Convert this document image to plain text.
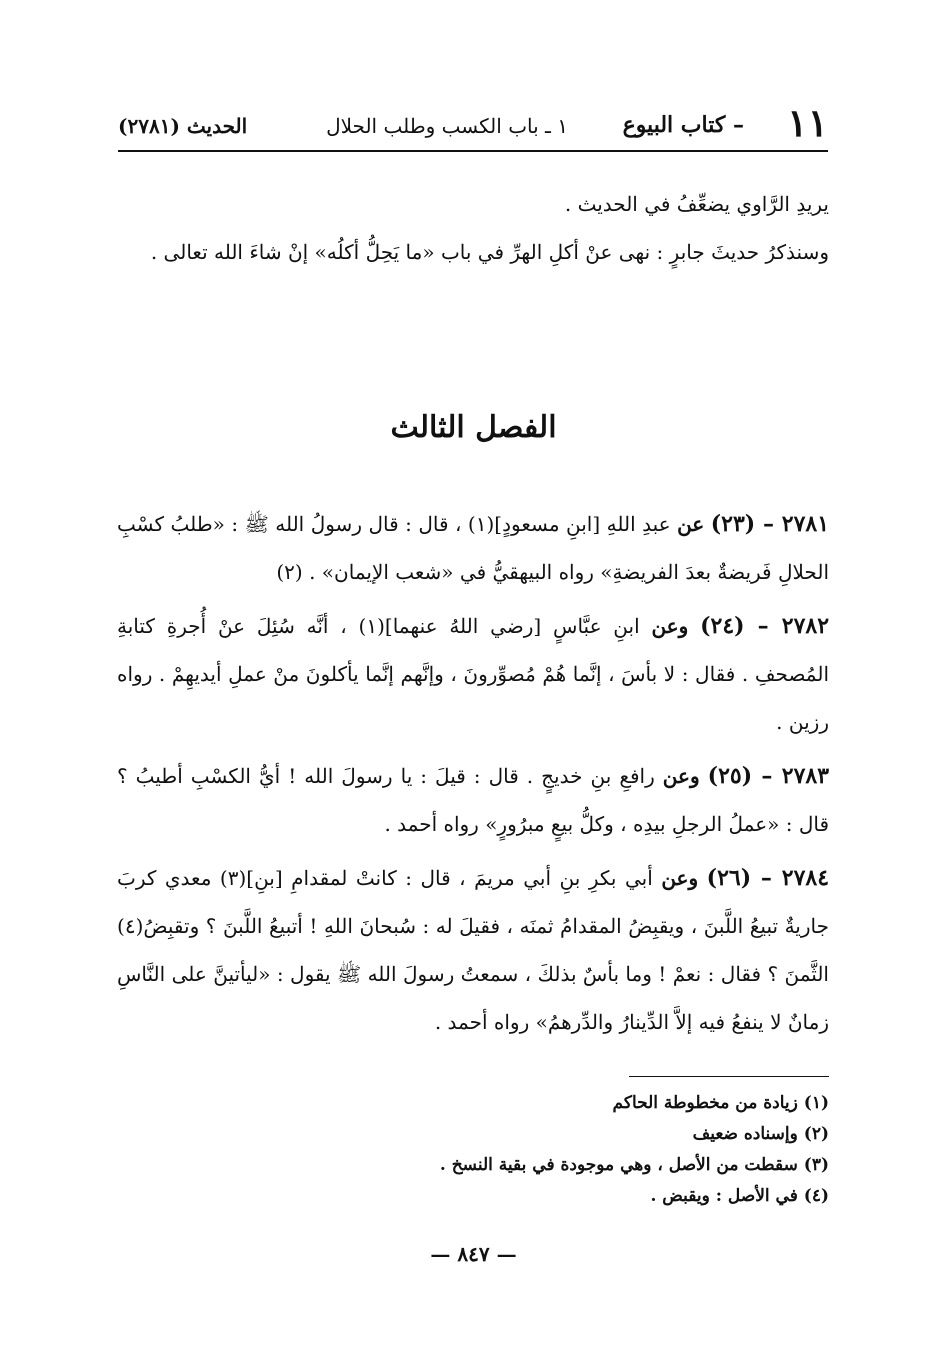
١١
– كتاب البيوع
١ ـ باب الكسب وطلب الحلال
الحديث (٢٧٨١)

يريدِ الرَّاوي يضعِّفُ في الحديث .

وسنذكرُ حديثَ جابرٍ : نهى عنْ أكلِ الهرِّ في باب «ما يَحِلُّ أكلُه» إنْ شاءَ الله تعالى .

الفصل الثالث

٢٧٨١ – (٢٣) عن عبدِ اللهِ [ابنِ مسعودٍ](١) ، قال : قال رسولُ الله ﷺ : «طلبُ كسْبِ الحلالِ فَريضةٌ بعدَ الفريضةِ» رواه البيهقيُّ في «شعب الإيمان» . (٢)

٢٧٨٢ – (٢٤) وعن ابنِ عبَّاسٍ [رضي اللهُ عنهما](١) ، أنَّه سُئِلَ عنْ أُجرةِ كتابةِ المُصحفِ . فقال : لا بأسَ ، إنَّما هُمْ مُصوِّرونَ ، وإنَّهم إنَّما يأكلونَ منْ عملِ أيديهِمْ . رواه رزين .

٢٧٨٣ – (٢٥) وعن رافعِ بنِ خديجٍ . قال : قيلَ : يا رسولَ الله ! أيُّ الكسْبِ أطيبُ ؟ قال : «عملُ الرجلِ بيدِه ، وكلُّ بيعٍ مبرُورٍ» رواه أحمد .

٢٧٨٤ – (٢٦) وعن أبي بكرِ بنِ أبي مريمَ ، قال : كانتْ لمقدامِ [بنِ](٣) معدي كربَ جاريةٌ تبيعُ اللَّبنَ ، ويقبِضُ المقدامُ ثمنَه ، فقيلَ له : سُبحانَ اللهِ ! أتبيعُ اللَّبنَ ؟ وتقبِضُ(٤) الثَّمنَ ؟ فقال : نعمْ ! وما بأسٌ بذلكَ ، سمعتُ رسولَ الله ﷺ يقول : «ليأتينَّ على النَّاسِ زمانٌ لا ينفعُ فيه إلاَّ الدِّينارُ والدِّرهمُ» رواه أحمد .

(١) زيادة من مخطوطة الحاكم
(٢) وإسناده ضعيف
(٣) سقطت من الأصل ، وهي موجودة في بقية النسخ .
(٤) في الأصل : ويقبض .
— ٨٤٧ —
